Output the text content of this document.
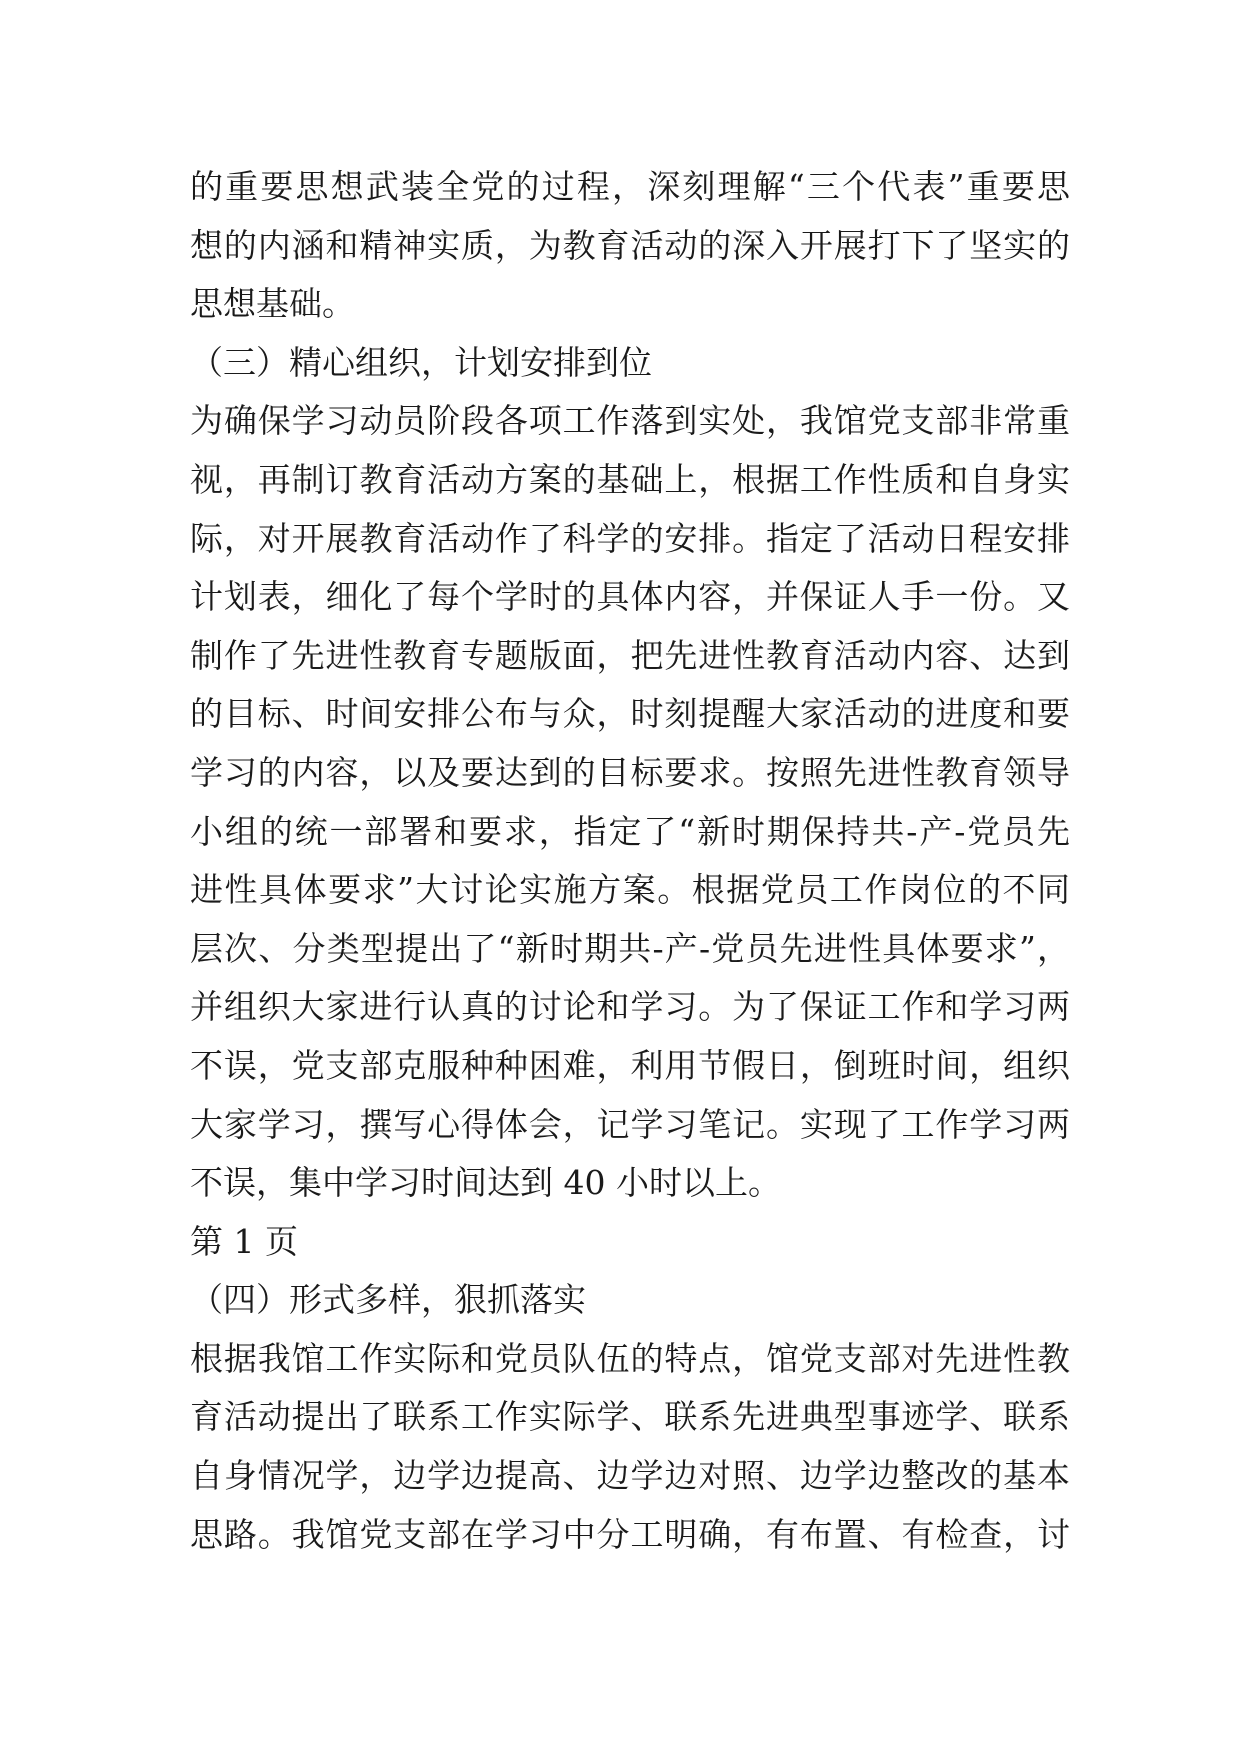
的重要思想武装全党的过程，深刻理解“三个代表”重要思
想的内涵和精神实质，为教育活动的深入开展打下了坚实的
思想基础。
（三）精心组织，计划安排到位
为确保学习动员阶段各项工作落到实处，我馆党支部非常重
视，再制订教育活动方案的基础上，根据工作性质和自身实
际，对开展教育活动作了科学的安排。指定了活动日程安排
计划表，细化了每个学时的具体内容，并保证人手一份。又
制作了先进性教育专题版面，把先进性教育活动内容、达到
的目标、时间安排公布与众，时刻提醒大家活动的进度和要
学习的内容，以及要达到的目标要求。按照先进性教育领导
小组的统一部署和要求，指定了“新时期保持共-产-党员先
进性具体要求”大讨论实施方案。根据党员工作岗位的不同
层次、分类型提出了“新时期共-产-党员先进性具体要求”，
并组织大家进行认真的讨论和学习。为了保证工作和学习两
不误，党支部克服种种困难，利用节假日，倒班时间，组织
大家学习，撰写心得体会，记学习笔记。实现了工作学习两
不误，集中学习时间达到 40 小时以上。
第 1 页
（四）形式多样，狠抓落实
根据我馆工作实际和党员队伍的特点，馆党支部对先进性教
育活动提出了联系工作实际学、联系先进典型事迹学、联系
自身情况学，边学边提高、边学边对照、边学边整改的基本
思路。我馆党支部在学习中分工明确，有布置、有检查，讨
